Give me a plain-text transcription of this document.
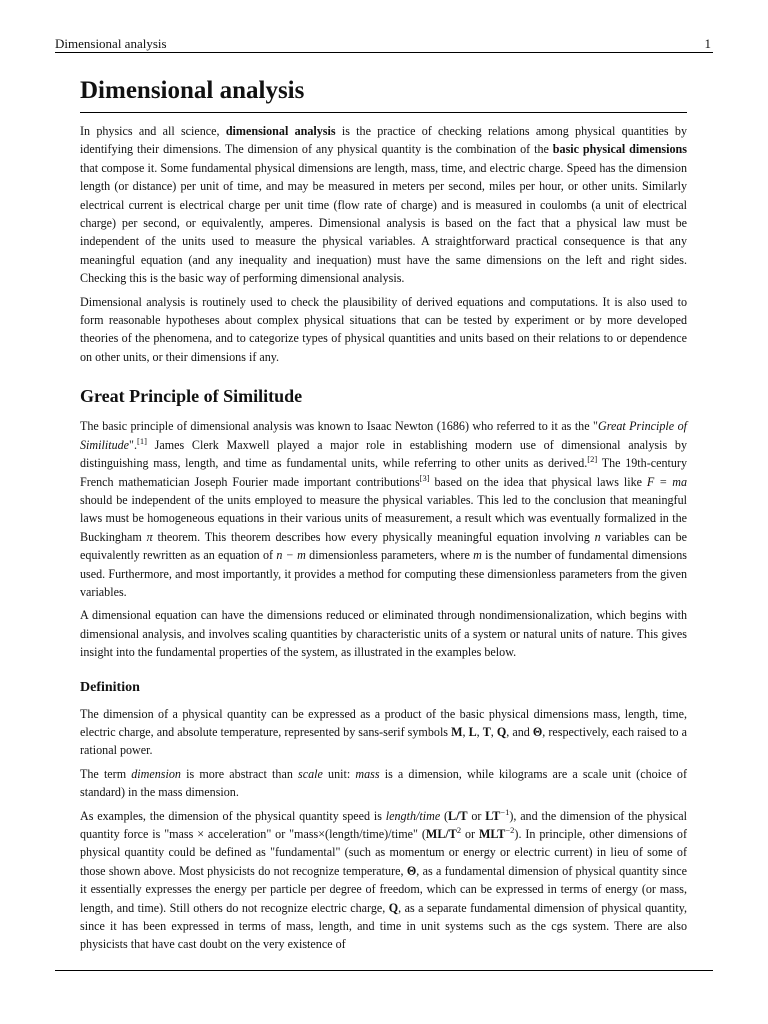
Dimensional analysis	1
Dimensional analysis

In physics and all science, dimensional analysis is the practice of checking relations among physical quantities by identifying their dimensions. The dimension of any physical quantity is the combination of the basic physical dimensions that compose it. Some fundamental physical dimensions are length, mass, time, and electric charge. Speed has the dimension length (or distance) per unit of time, and may be measured in meters per second, miles per hour, or other units. Similarly electrical current is electrical charge per unit time (flow rate of charge) and is measured in coulombs (a unit of electrical charge) per second, or equivalently, amperes. Dimensional analysis is based on the fact that a physical law must be independent of the units used to measure the physical variables. A straightforward practical consequence is that any meaningful equation (and any inequality and inequation) must have the same dimensions on the left and right sides. Checking this is the basic way of performing dimensional analysis.

Dimensional analysis is routinely used to check the plausibility of derived equations and computations. It is also used to form reasonable hypotheses about complex physical situations that can be tested by experiment or by more developed theories of the phenomena, and to categorize types of physical quantities and units based on their relations to or dependence on other units, or their dimensions if any.

Great Principle of Similitude

The basic principle of dimensional analysis was known to Isaac Newton (1686) who referred to it as the "Great Principle of Similitude".[1] James Clerk Maxwell played a major role in establishing modern use of dimensional analysis by distinguishing mass, length, and time as fundamental units, while referring to other units as derived.[2] The 19th-century French mathematician Joseph Fourier made important contributions[3] based on the idea that physical laws like F = ma should be independent of the units employed to measure the physical variables. This led to the conclusion that meaningful laws must be homogeneous equations in their various units of measurement, a result which was eventually formalized in the Buckingham π theorem. This theorem describes how every physically meaningful equation involving n variables can be equivalently rewritten as an equation of n − m dimensionless parameters, where m is the number of fundamental dimensions used. Furthermore, and most importantly, it provides a method for computing these dimensionless parameters from the given variables.

A dimensional equation can have the dimensions reduced or eliminated through nondimensionalization, which begins with dimensional analysis, and involves scaling quantities by characteristic units of a system or natural units of nature. This gives insight into the fundamental properties of the system, as illustrated in the examples below.

Definition

The dimension of a physical quantity can be expressed as a product of the basic physical dimensions mass, length, time, electric charge, and absolute temperature, represented by sans-serif symbols M, L, T, Q, and Θ, respectively, each raised to a rational power.

The term dimension is more abstract than scale unit: mass is a dimension, while kilograms are a scale unit (choice of standard) in the mass dimension.

As examples, the dimension of the physical quantity speed is length/time (L/T or $LT^{-1}$), and the dimension of the physical quantity force is "mass × acceleration" or "mass×(length/time)/time" ($ML/T^2$ or $MLT^{-2}$). In principle, other dimensions of physical quantity could be defined as "fundamental" (such as momentum or energy or electric current) in lieu of some of those shown above. Most physicists do not recognize temperature, Θ, as a fundamental dimension of physical quantity since it essentially expresses the energy per particle per degree of freedom, which can be expressed in terms of energy (or mass, length, and time). Still others do not recognize electric charge, Q, as a separate fundamental dimension of physical quantity, since it has been expressed in terms of mass, length, and time in unit systems such as the cgs system. There are also physicists that have cast doubt on the very existence of
